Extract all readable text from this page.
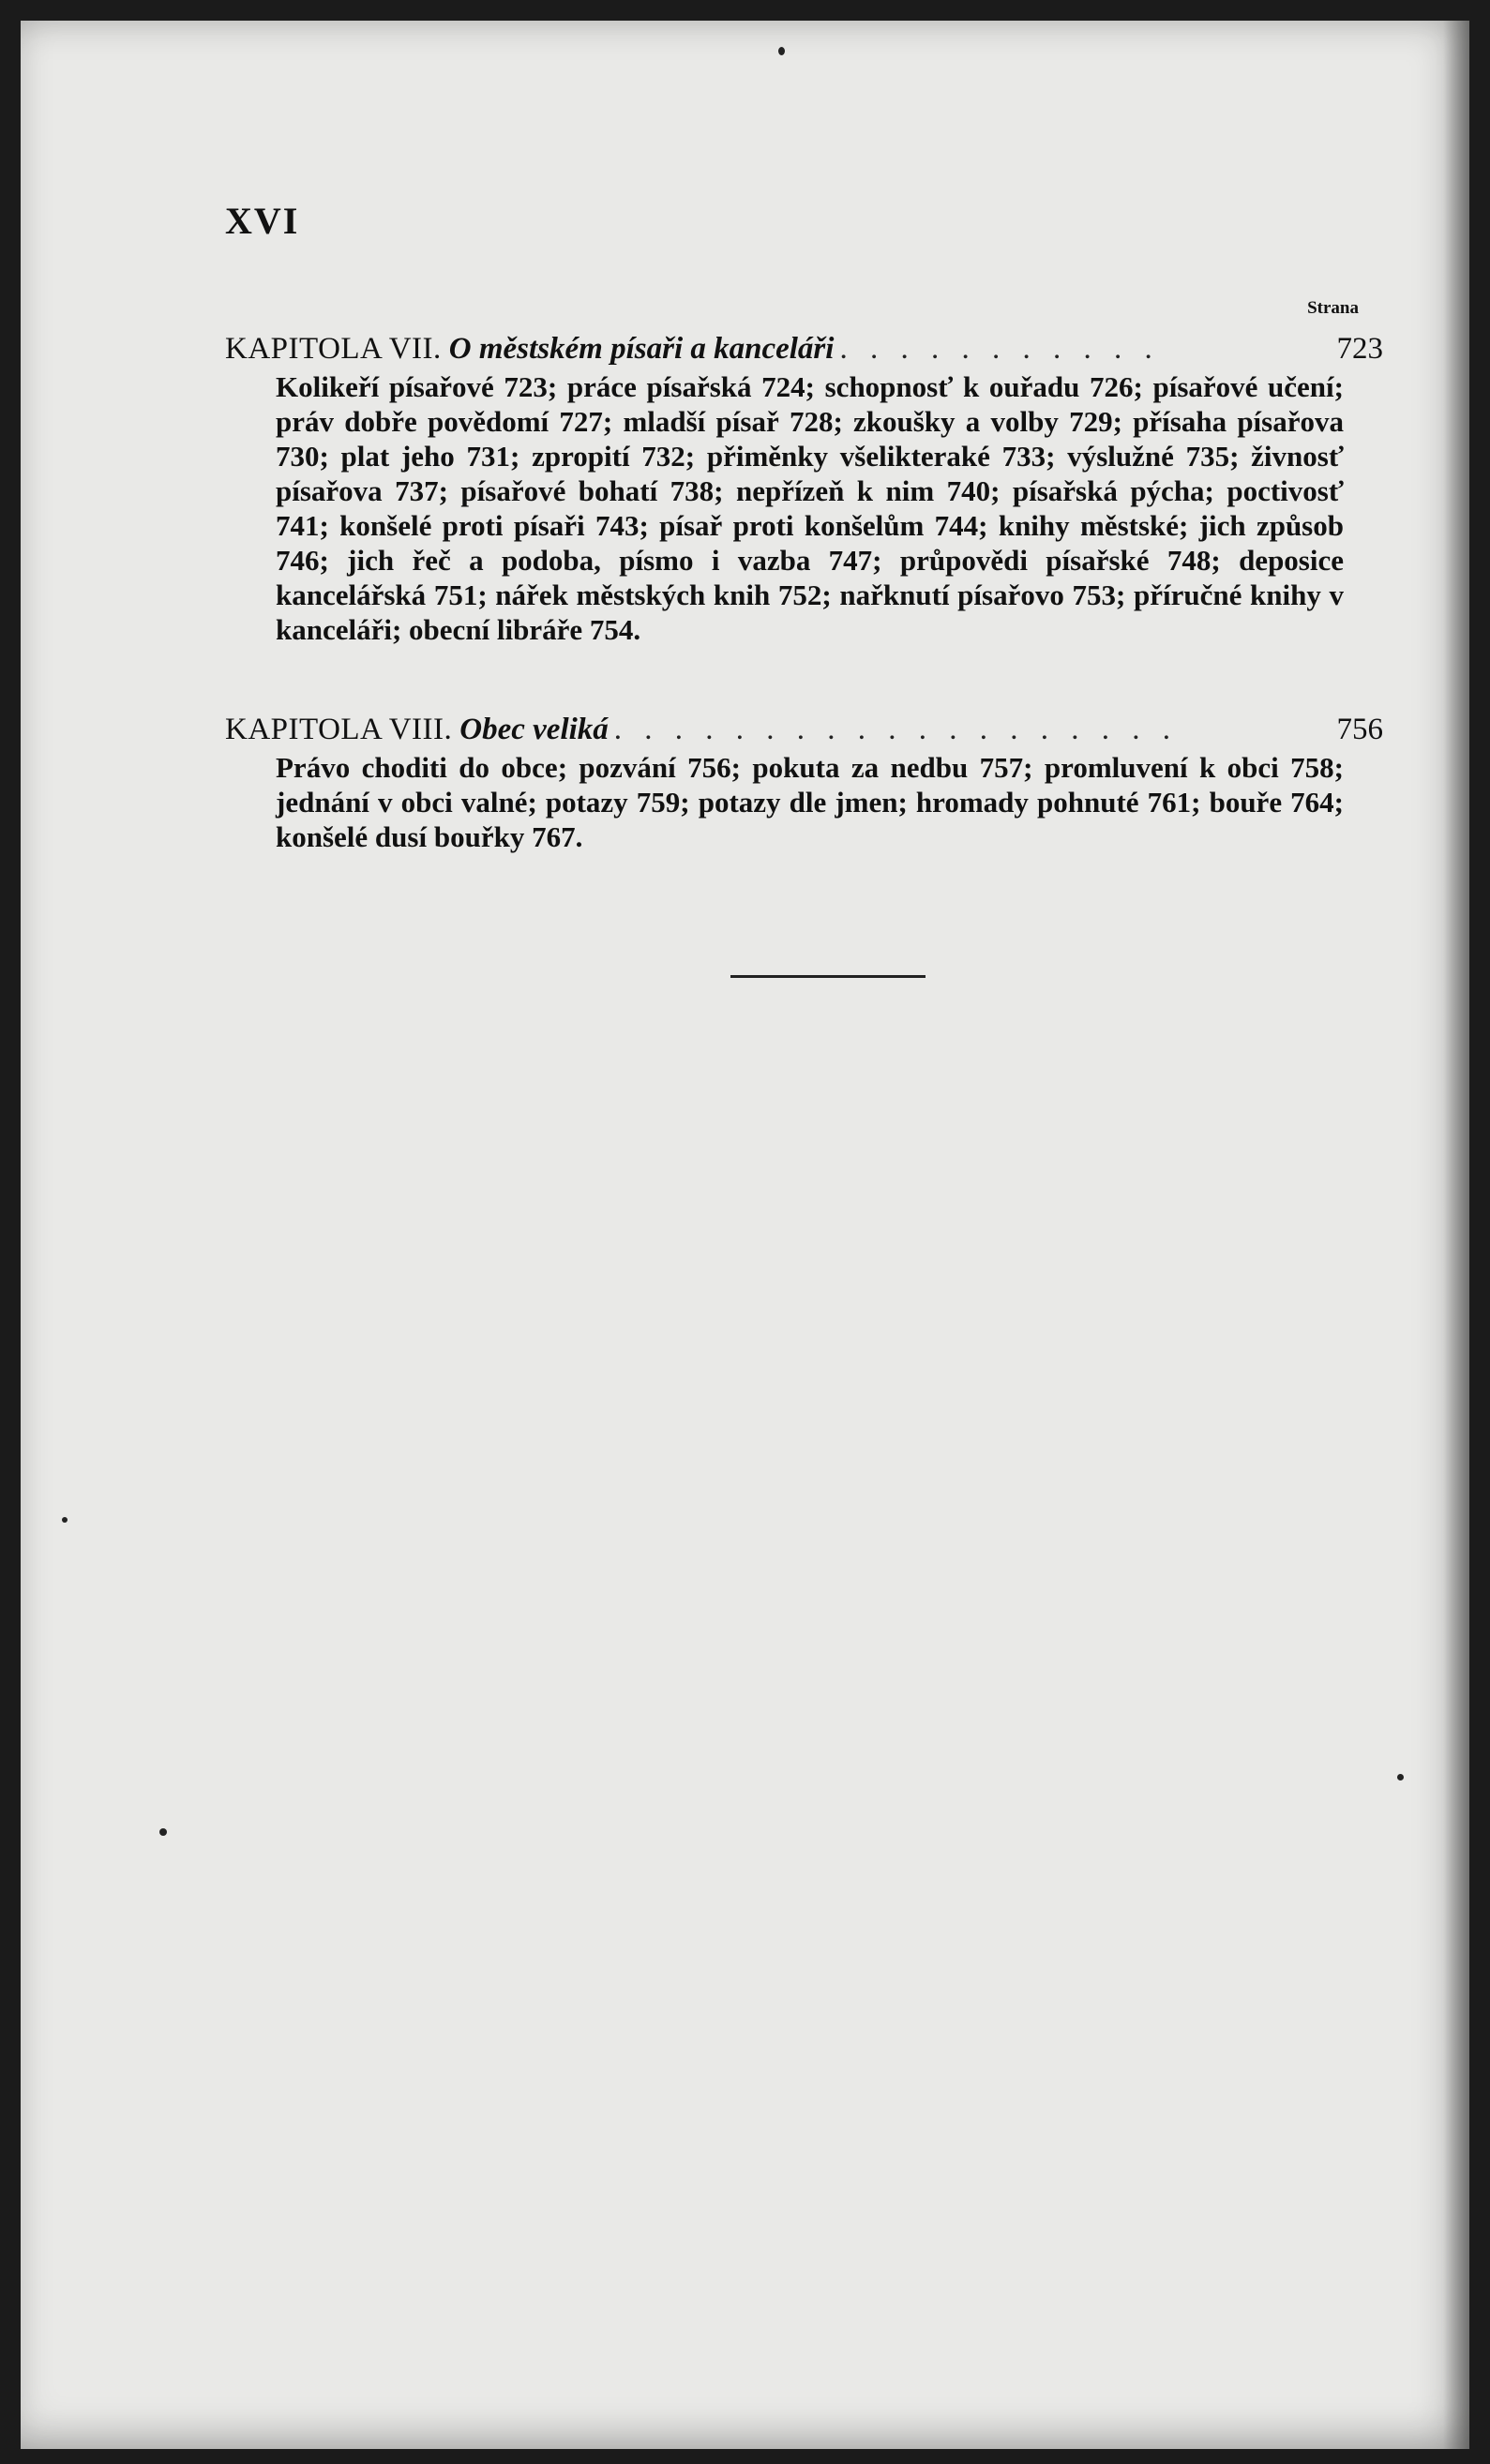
XVI
Strana
KAPITOLA VII. O městském písaři a kanceláři . . . . . . . . . . .	723
Kolikeří písařové 723; práce písařská 724; schopnosť k ouřadu 726; písařové učení; práv dobře povědomí 727; mladší písař 728; zkoušky a volby 729; přísaha písařova 730; plat jeho 731; zpropití 732; přiměnky všelikteraké 733; výslužné 735; živnosť písařova 737; písařové bohatí 738; nepřízeň k nim 740; písařská pýcha; poctivosť 741; konšelé proti písaři 743; písař proti konšelům 744; knihy městské; jich způsob 746; jich řeč a podoba, písmo i vazba 747; průpovědi písařské 748; deposice kancelářská 751; nářek městských knih 752; nařknutí písařovo 753; příručné knihy v kanceláři; obecní libráře 754.
KAPITOLA VIII. Obec veliká . . . . . . . . . . . . . . . . . . .	756
Právo choditi do obce; pozvání 756; pokuta za nedbu 757; promluvení k obci 758; jednání v obci valné; potazy 759; potazy dle jmen; hromady pohnuté 761; bouře 764; konšelé dusí bouřky 767.
